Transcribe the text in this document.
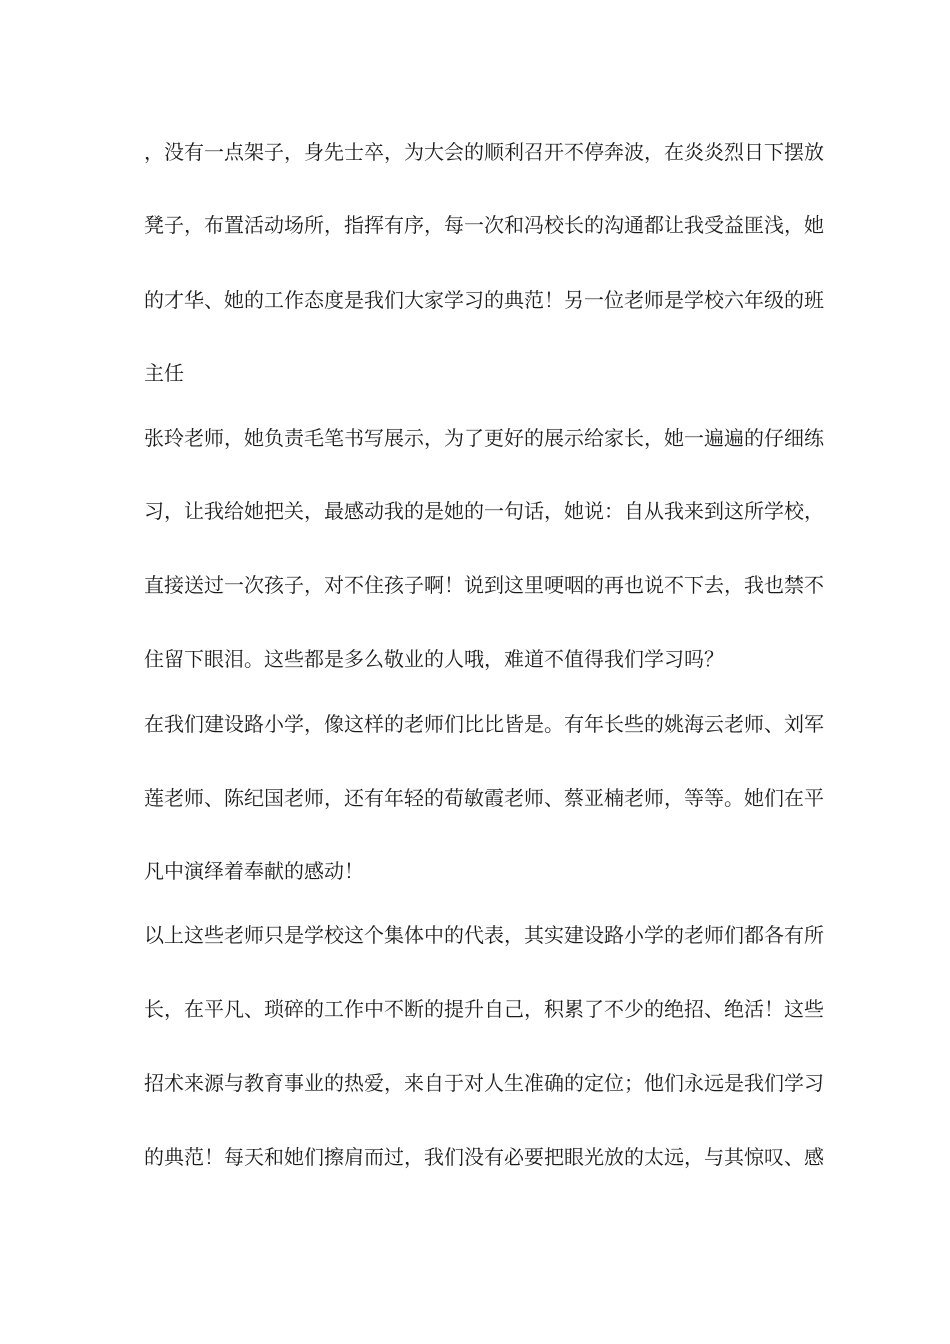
，没有一点架子，身先士卒，为大会的顺利召开不停奔波，在炎炎烈日下摆放
凳子，布置活动场所，指挥有序，每一次和冯校长的沟通都让我受益匪浅，她
的才华、她的工作态度是我们大家学习的典范！另一位老师是学校六年级的班
主任
张玲老师，她负责毛笔书写展示，为了更好的展示给家长，她一遍遍的仔细练
习，让我给她把关，最感动我的是她的一句话，她说：自从我来到这所学校，
直接送过一次孩子，对不住孩子啊！说到这里哽咽的再也说不下去，我也禁不
住留下眼泪。这些都是多么敬业的人哦，难道不值得我们学习吗？
在我们建设路小学，像这样的老师们比比皆是。有年长些的姚海云老师、刘军
莲老师、陈纪国老师，还有年轻的荀敏霞老师、蔡亚楠老师，等等。她们在平
凡中演绎着奉献的感动！
以上这些老师只是学校这个集体中的代表，其实建设路小学的老师们都各有所
长，在平凡、琐碎的工作中不断的提升自己，积累了不少的绝招、绝活！这些
招术来源与教育事业的热爱，来自于对人生准确的定位；他们永远是我们学习
的典范！每天和她们擦肩而过，我们没有必要把眼光放的太远，与其惊叹、感
